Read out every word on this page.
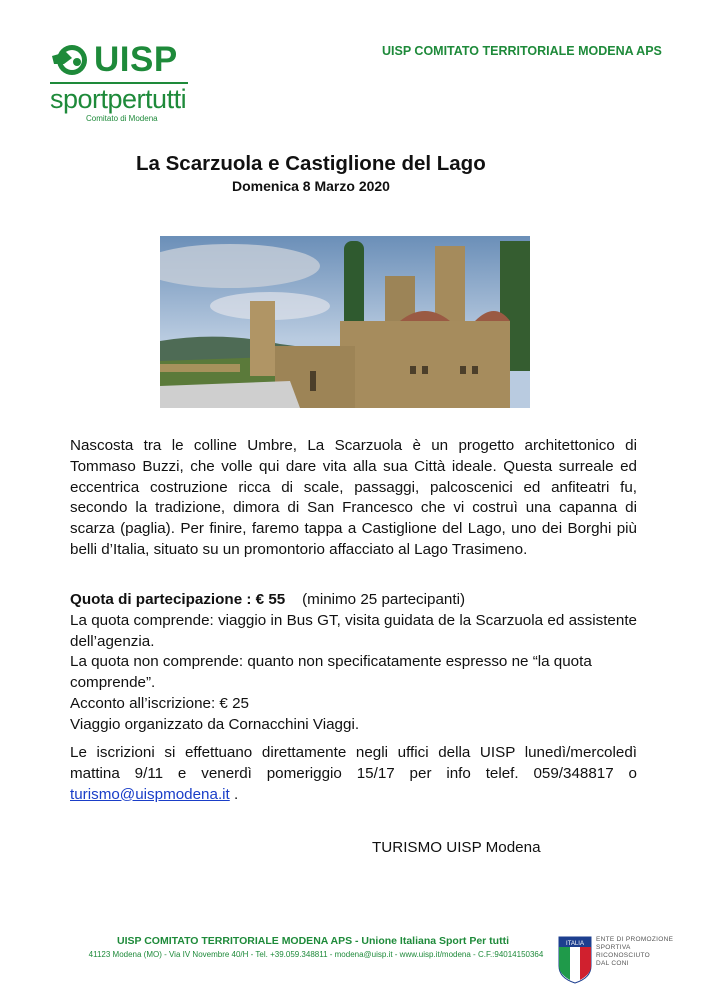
UISP
sportpertutti
Comitato di Modena
UISP COMITATO TERRITORIALE MODENA APS
La Scarzuola e Castiglione del Lago
Domenica 8 Marzo 2020
Nascosta tra le colline Umbre, La Scarzuola è un progetto architettonico di Tommaso Buzzi, che volle qui dare vita alla sua Città ideale. Questa surreale ed eccentrica costruzione ricca di scale, passaggi, palcoscenici ed anfiteatri fu, secondo la tradizione, dimora di San Francesco che vi costruì una capanna di scarza (paglia). Per finire, faremo tappa a Castiglione del Lago, uno dei Borghi più belli d’Italia, situato su un promontorio affacciato al Lago Trasimeno.
Quota di partecipazione : € 55 (minimo 25 partecipanti)
La quota comprende: viaggio in Bus GT, visita guidata de la Scarzuola ed assistente dell’agenzia.
La quota non comprende: quanto non specificatamente espresso ne “la quota comprende”.
Acconto all’iscrizione: € 25
Viaggio organizzato da Cornacchini Viaggi.
Le iscrizioni si effettuano direttamente negli uffici della UISP lunedì/mercoledì mattina 9/11 e venerdì pomeriggio 15/17 per info telef. 059/348817 o turismo@uispmodena.it .
TURISMO UISP Modena
UISP COMITATO TERRITORIALE MODENA APS - Unione Italiana Sport Per tutti
41123 Modena (MO) - Via IV Novembre 40/H - Tel. +39.059.348811 - modena@uisp.it - www.uisp.it/modena - C.F.:94014150364
ITALIA
ENTE DI PROMOZIONE
SPORTIVA
RICONOSCIUTO
DAL CONI
